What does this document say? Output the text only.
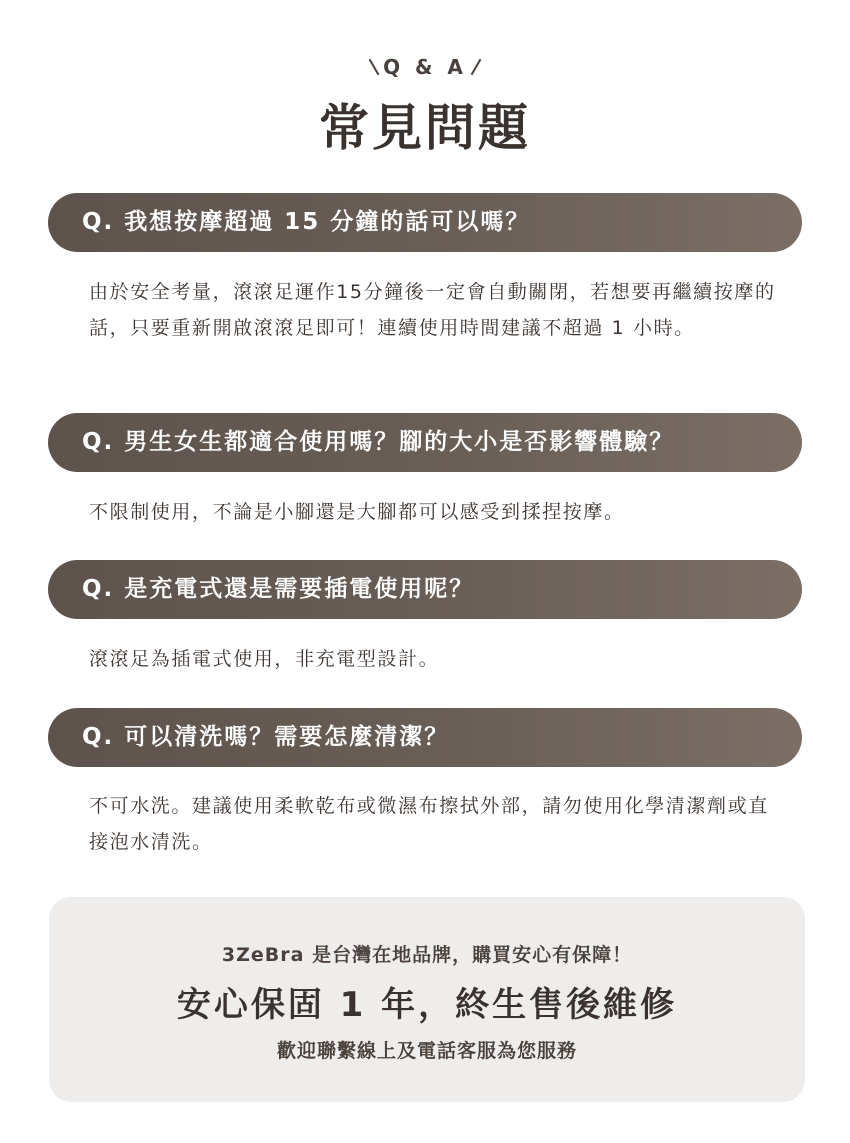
Q & A
常見問題
Q. 我想按摩超過 15 分鐘的話可以嗎？
由於安全考量，滾滾足運作15分鐘後一定會自動關閉，若想要再繼續按摩的話，只要重新開啟滾滾足即可！連續使用時間建議不超過 1 小時。
Q. 男生女生都適合使用嗎？腳的大小是否影響體驗？
不限制使用，不論是小腳還是大腳都可以感受到揉捏按摩。
Q. 是充電式還是需要插電使用呢？
滾滾足為插電式使用，非充電型設計。
Q. 可以清洗嗎？需要怎麼清潔？
不可水洗。建議使用柔軟乾布或微濕布擦拭外部，請勿使用化學清潔劑或直接泡水清洗。
3ZeBra 是台灣在地品牌，購買安心有保障！
安心保固 1 年，終生售後維修
歡迎聯繫線上及電話客服為您服務
